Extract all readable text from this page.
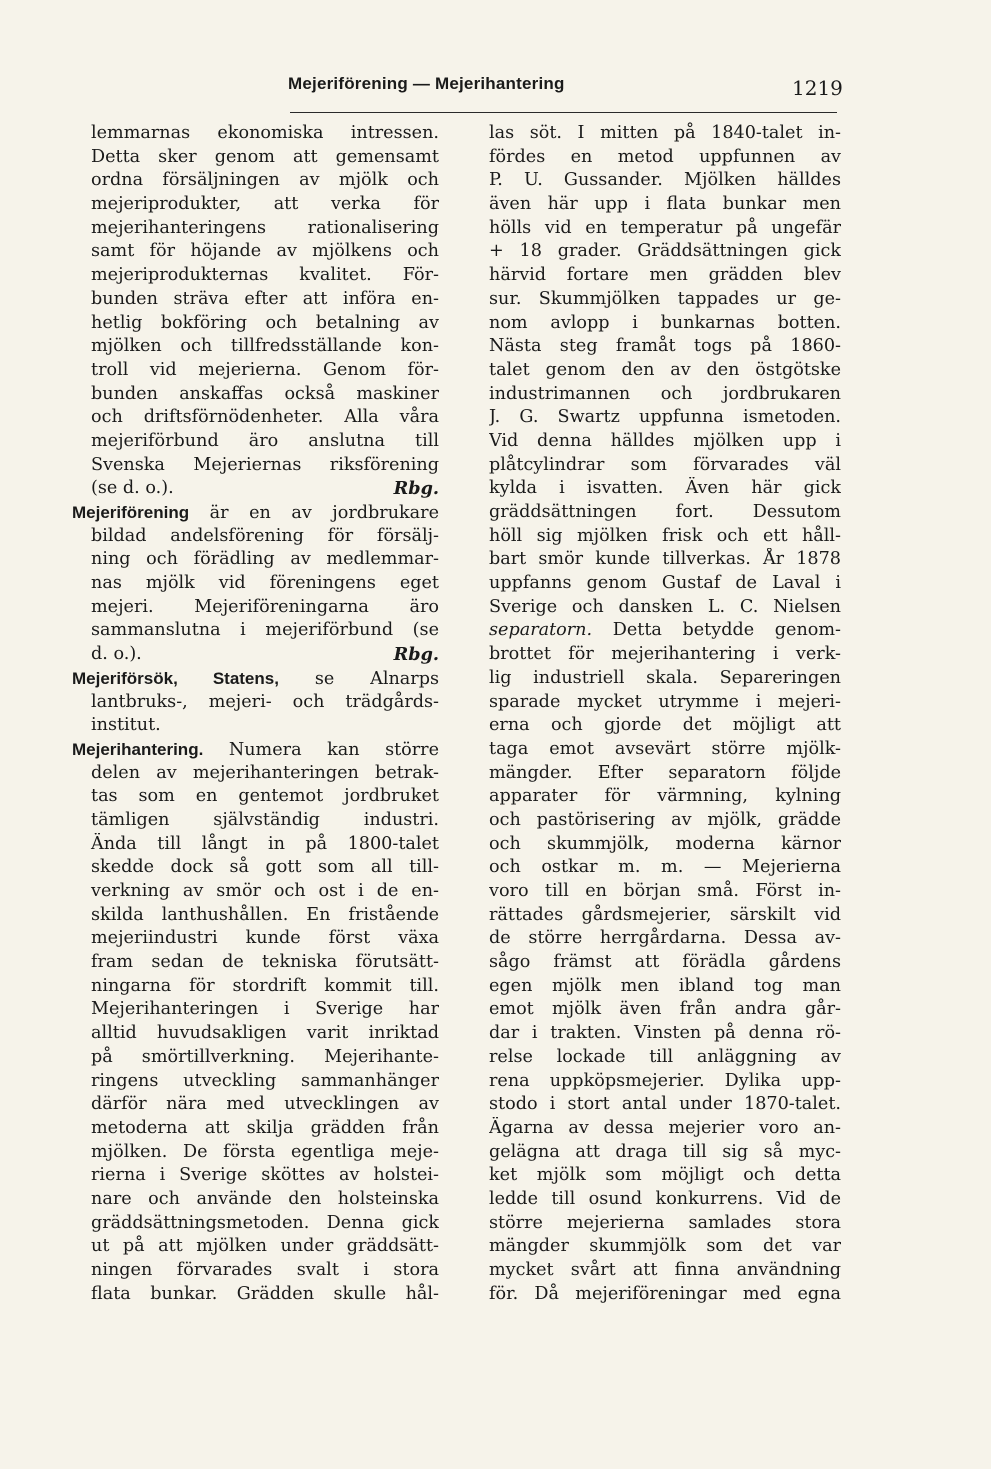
Mejeriförening — Mejerihantering	1219
lemmarnas ekonomiska intressen.
Detta sker genom att gemensamt
ordna försäljningen av mjölk och
mejeriprodukter, att verka för
mejerihanteringens rationalisering
samt för höjande av mjölkens och
mejeriprodukternas kvalitet. För-
bunden sträva efter att införa en-
hetlig bokföring och betalning av
mjölken och tillfredsställande kon-
troll vid mejerierna. Genom för-
bunden anskaffas också maskiner
och driftsförnödenheter. Alla våra
mejeriförbund äro anslutna till
Svenska Mejeriernas riksförening
(se d. o.).	Rbg.
Mejeriförening är en av jordbrukare
bildad andelsförening för försälj-
ning och förädling av medlemmar-
nas mjölk vid föreningens eget
mejeri. Mejeriföreningarna äro
sammanslutna i mejeriförbund (se
d. o.).	Rbg.
Mejeriförsök, Statens, se Alnarps
lantbruks-, mejeri- och trädgårds-
institut.
Mejerihantering. Numera kan större
delen av mejerihanteringen betrak-
tas som en gentemot jordbruket
tämligen självständig industri.
Ända till långt in på 1800-talet
skedde dock så gott som all till-
verkning av smör och ost i de en-
skilda lanthushållen. En fristående
mejeriindustri kunde först växa
fram sedan de tekniska förutsätt-
ningarna för stordrift kommit till.
Mejerihanteringen i Sverige har
alltid huvudsakligen varit inriktad
på smörtillverkning. Mejerihante-
ringens utveckling sammanhänger
därför nära med utvecklingen av
metoderna att skilja grädden från
mjölken. De första egentliga meje-
rierna i Sverige sköttes av holstei-
nare och använde den holsteinska
gräddsättningsmetoden. Denna gick
ut på att mjölken under gräddsätt-
ningen förvarades svalt i stora
flata bunkar. Grädden skulle hål-
las söt. I mitten på 1840-talet in-
fördes en metod uppfunnen av
P. U. Gussander. Mjölken hälldes
även här upp i flata bunkar men
hölls vid en temperatur på ungefär
+ 18 grader. Gräddsättningen gick
härvid fortare men grädden blev
sur. Skummjölken tappades ur ge-
nom avlopp i bunkarnas botten.
Nästa steg framåt togs på 1860-
talet genom den av den östgötske
industrimannen och jordbrukaren
J. G. Swartz uppfunna ismetoden.
Vid denna hälldes mjölken upp i
plåtcylindrar som förvarades väl
kylda i isvatten. Även här gick
gräddsättningen fort. Dessutom
höll sig mjölken frisk och ett håll-
bart smör kunde tillverkas. År 1878
uppfanns genom Gustaf de Laval i
Sverige och dansken L. C. Nielsen
separatorn. Detta betydde genom-
brottet för mejerihantering i verk-
lig industriell skala. Separeringen
sparade mycket utrymme i mejeri-
erna och gjorde det möjligt att
taga emot avsevärt större mjölk-
mängder. Efter separatorn följde
apparater för värmning, kylning
och pastörisering av mjölk, grädde
och skummjölk, moderna kärnor
och ostkar m. m. — Mejerierna
voro till en början små. Först in-
rättades gårdsmejerier, särskilt vid
de större herrgårdarna. Dessa av-
sågo främst att förädla gårdens
egen mjölk men ibland tog man
emot mjölk även från andra går-
dar i trakten. Vinsten på denna rö-
relse lockade till anläggning av
rena uppköpsmejerier. Dylika upp-
stodo i stort antal under 1870-talet.
Ägarna av dessa mejerier voro an-
gelägna att draga till sig så myc-
ket mjölk som möjligt och detta
ledde till osund konkurrens. Vid de
större mejerierna samlades stora
mängder skummjölk som det var
mycket svårt att finna användning
för. Då mejeriföreningar med egna
